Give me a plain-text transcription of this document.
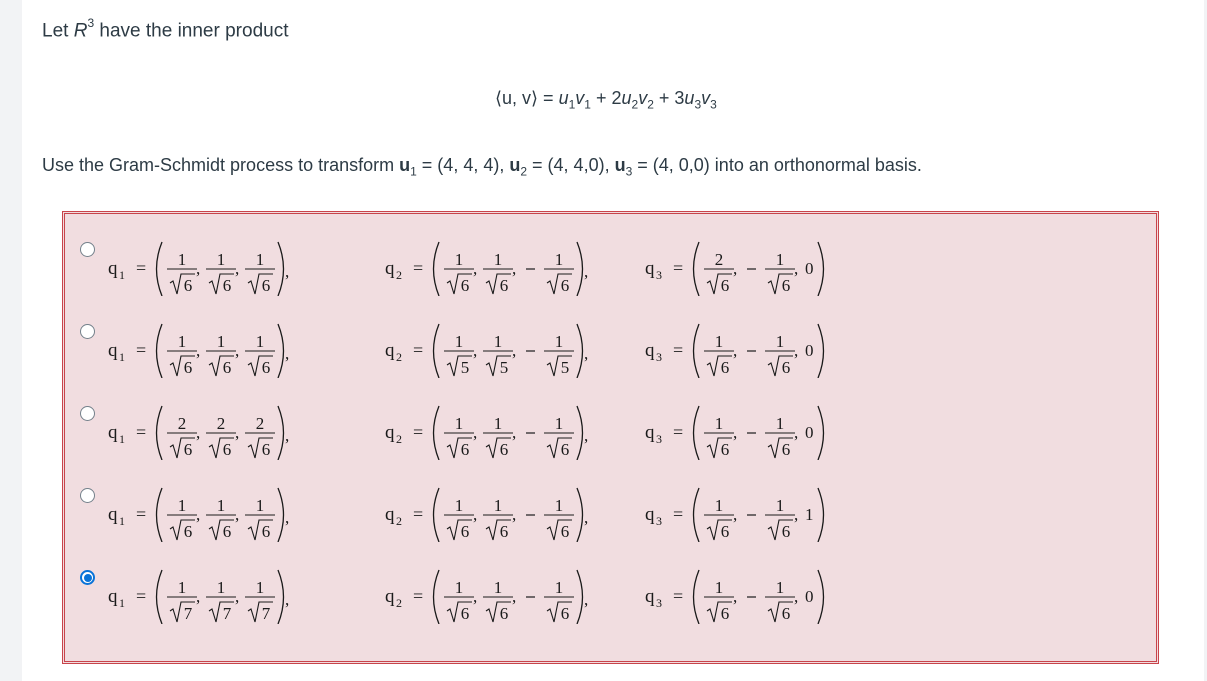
Let $R^3$ have the inner product
⟨u, v⟩ = $u_1v_1 + 2u_2v_2 + 3u_3v_3$
Use the Gram-Schmidt process to transform $u_1 = (4$, 4, 4), $u_2 = (4$, 4,0), $u_3 = (4$, 0,0) into an orthonormal basis.
q 1 = 1
6
, 1
6
, 1
6
,	q 2 = 1
6
, 1
6
, 1
6
,	q 3 = 2
6
, 1
6
, 0
q 1 = 1
6
, 1
6
, 1
6
,	q 2 = 1
5
, 1
5
, 1
5
,	q 3 = 1
6
, 1
6
, 0
q 1 = 2
6
, 2
6
, 2
6
,	q 2 = 1
6
, 1
6
, 1
6
,	q 3 = 1
6
, 1
6
, 0
q 1 = 1
6
, 1
6
, 1
6
,	q 2 = 1
6
, 1
6
, 1
6
,	q 3 = 1
6
, 1
6
, 1
q 1 = 1
7
, 1
7
, 1
7
,	q 2 = 1
6
, 1
6
, 1
6
,	q 3 = 1
6
, 1
6
, 0
